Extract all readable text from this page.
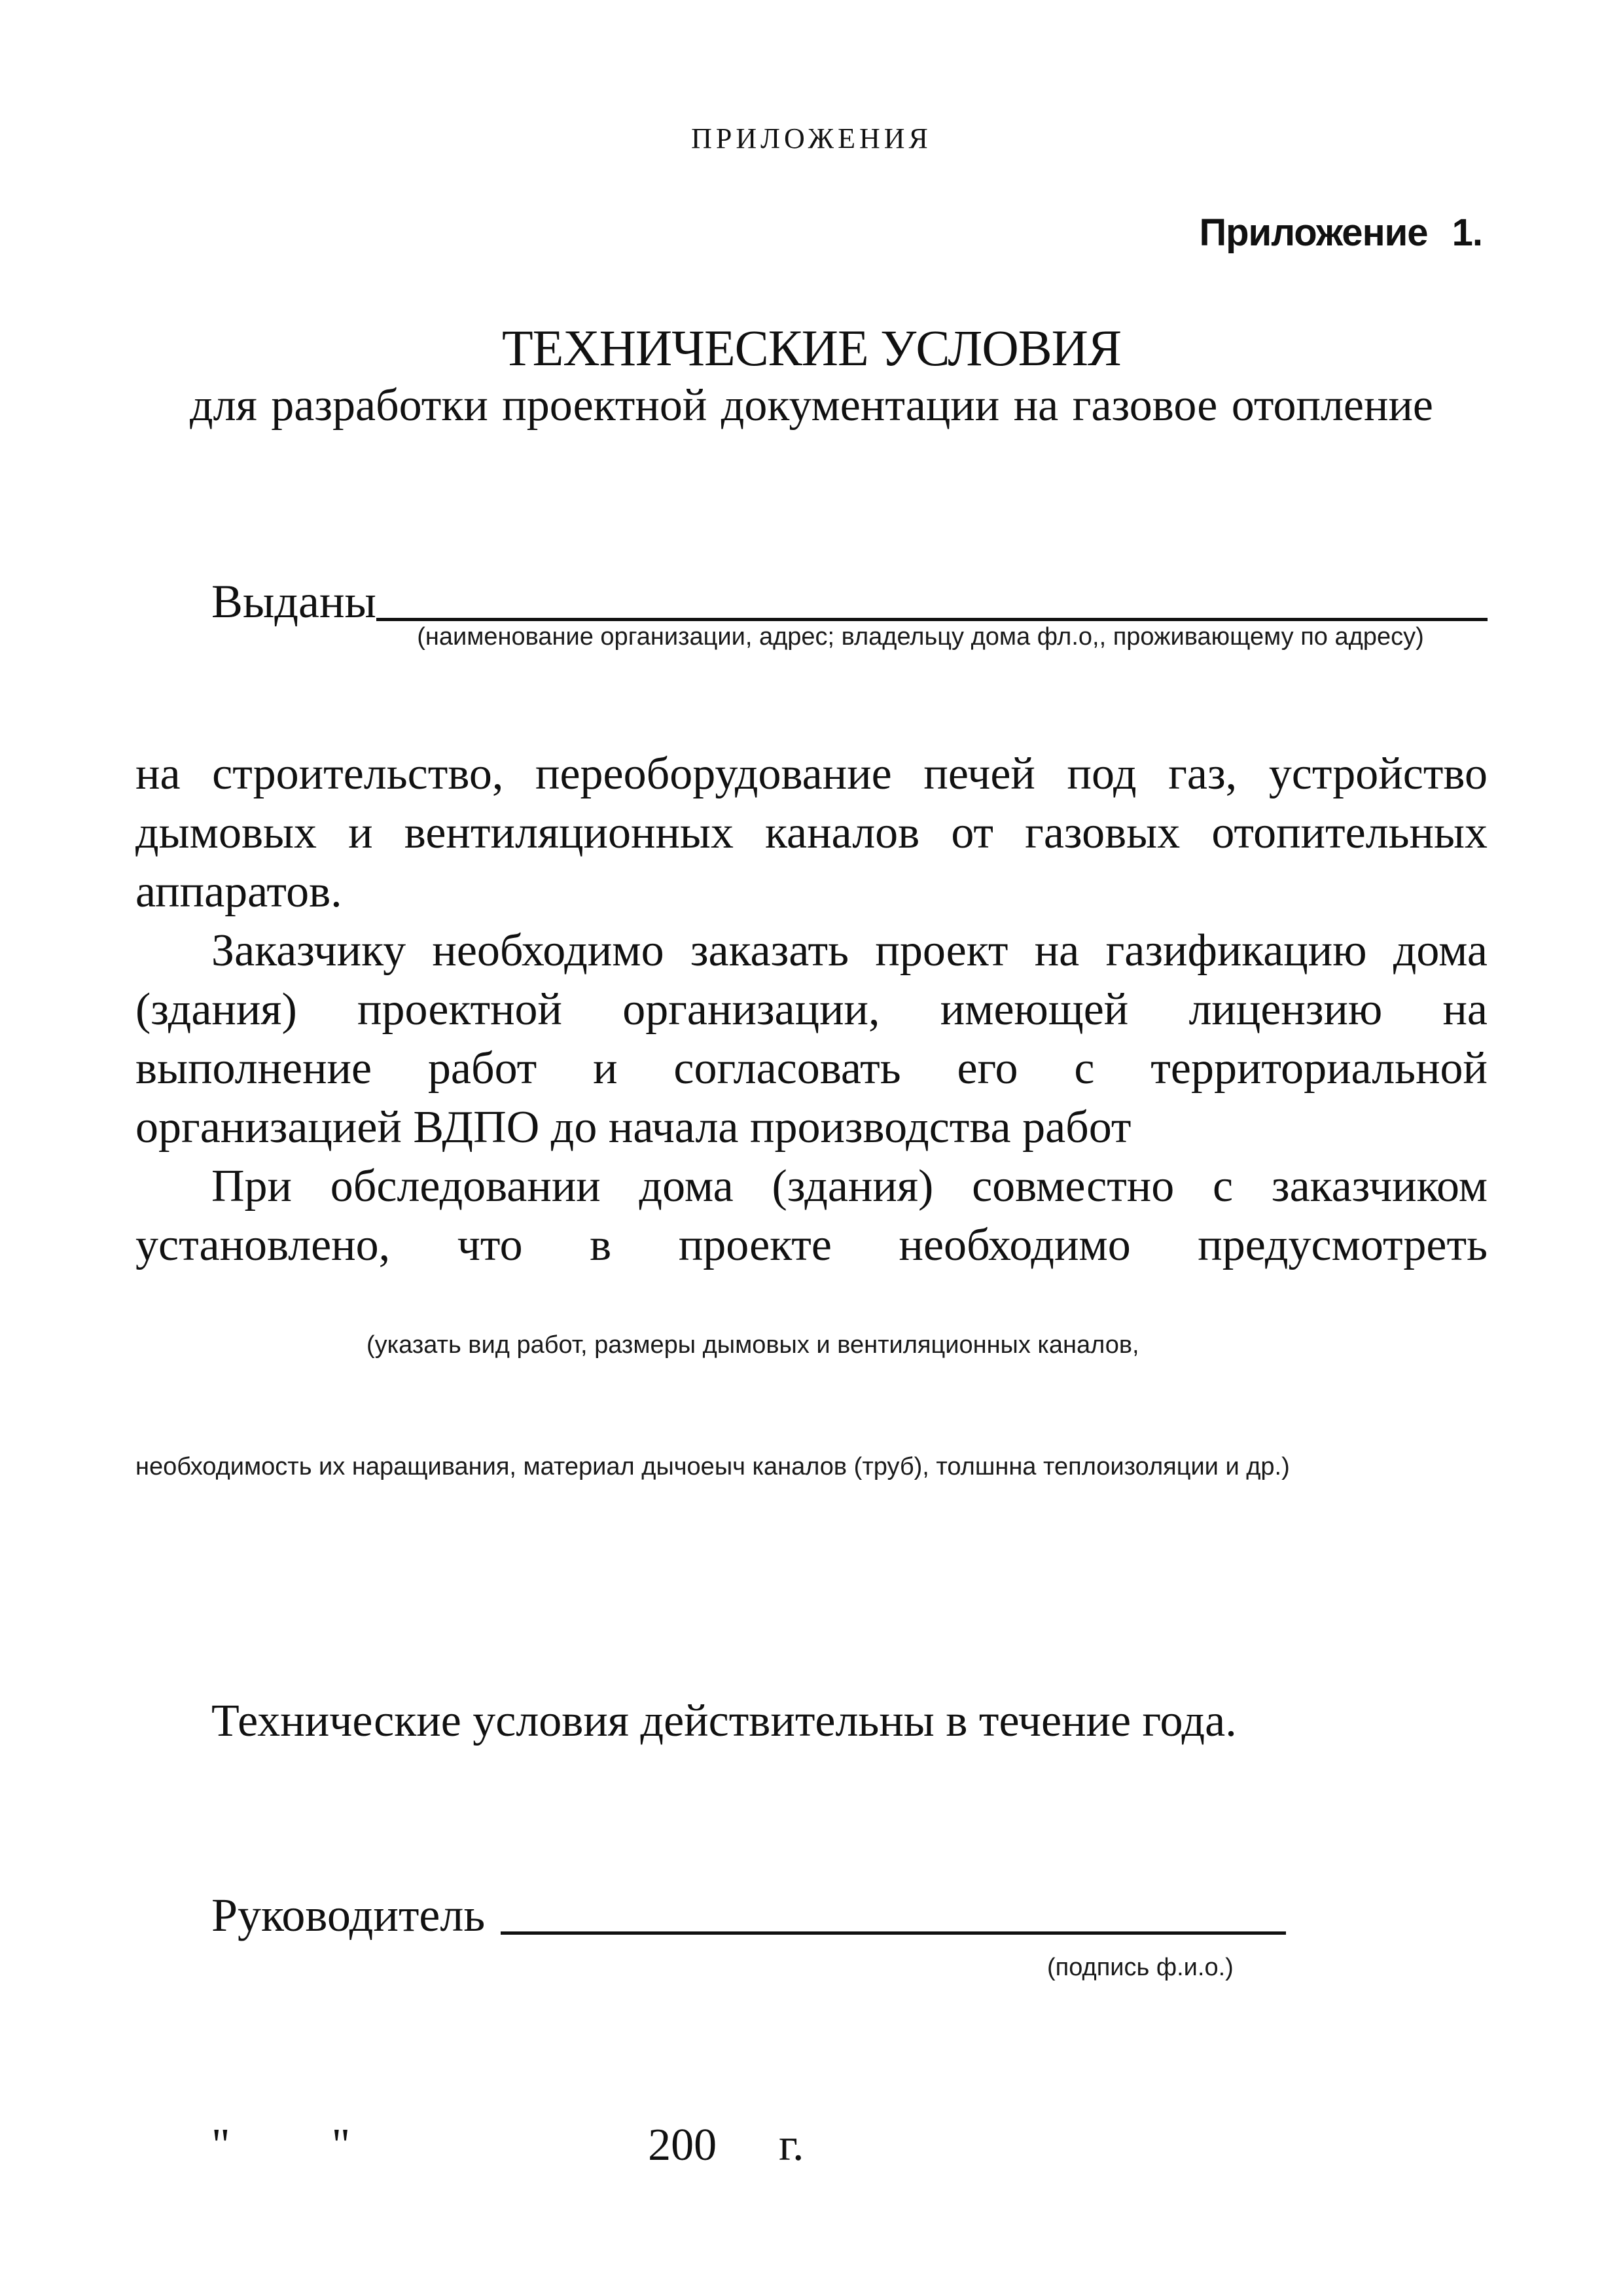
ПРИЛОЖЕНИЯ
Приложение 1.
ТЕХНИЧЕСКИЕ УСЛОВИЯ
для разработки проектной документации на газовое отопление
Выданы
(наименование организации, адрес; владельцу дома фл.о,, проживающему по адресу)

на строительство, переоборудование печей под газ, устройство дымовых и вентиляционных каналов от газовых отопительных аппаратов.

Заказчику необходимо заказать проект на газификацию дома (здания) проектной организации, имеющей лицензию на выполнение работ и согласовать его с территориальной организацией ВДПО до начала производства работ

При обследовании дома (здания) совместно с заказчиком установлено, что в проекте необходимо предусмотреть

(указать вид работ, размеры дымовых и вентиляционных каналов,
необходимость их наращивания, материал дычоеыч каналов (труб), толшнна теплоизоляции и др.)
Технические условия действительны в течение года.
Руководитель
(подпись ф.и.о.)
" "	200 г.
